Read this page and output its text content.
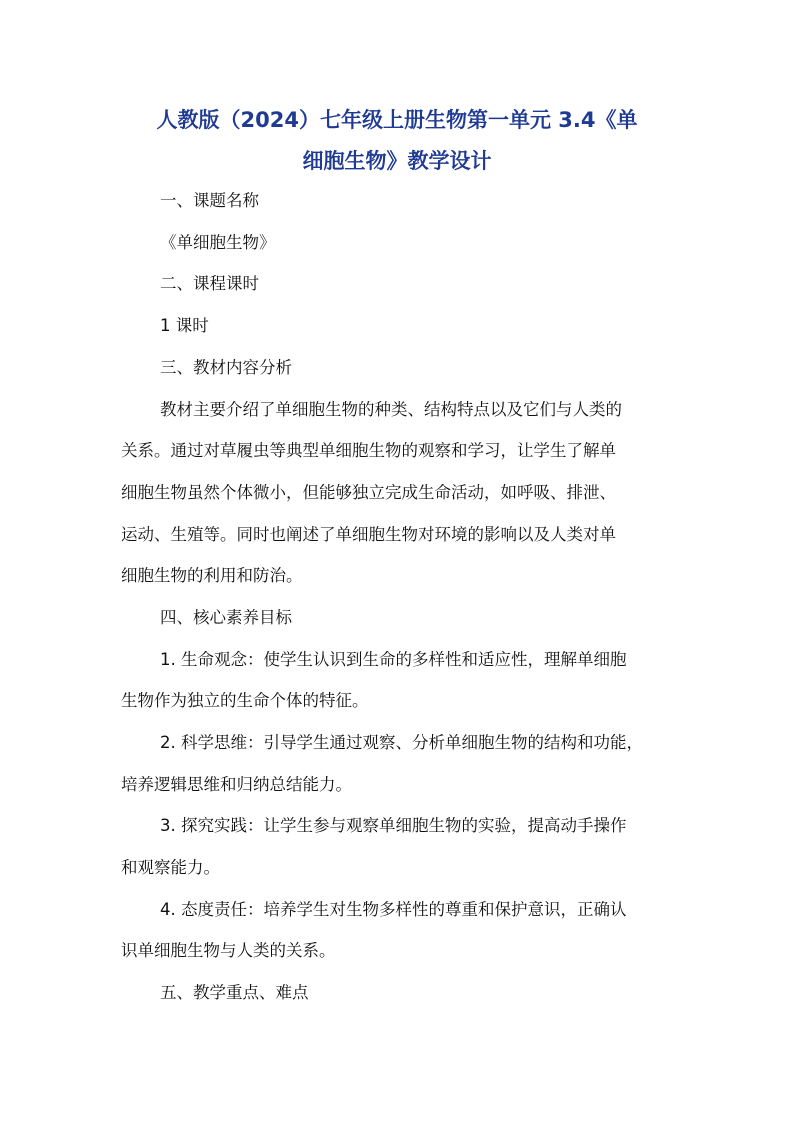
人教版（2024）七年级上册生物第一单元 3.4《单
细胞生物》教学设计
一、课题名称
《单细胞生物》
二、课程课时
1 课时
三、教材内容分析
教材主要介绍了单细胞生物的种类、结构特点以及它们与人类的
关系。通过对草履虫等典型单细胞生物的观察和学习，让学生了解单
细胞生物虽然个体微小，但能够独立完成生命活动，如呼吸、排泄、
运动、生殖等。同时也阐述了单细胞生物对环境的影响以及人类对单
细胞生物的利用和防治。
四、核心素养目标
1. 生命观念：使学生认识到生命的多样性和适应性，理解单细胞
生物作为独立的生命个体的特征。
2. 科学思维：引导学生通过观察、分析单细胞生物的结构和功能，
培养逻辑思维和归纳总结能力。
3. 探究实践：让学生参与观察单细胞生物的实验，提高动手操作
和观察能力。
4. 态度责任：培养学生对生物多样性的尊重和保护意识，正确认
识单细胞生物与人类的关系。
五、教学重点、难点
